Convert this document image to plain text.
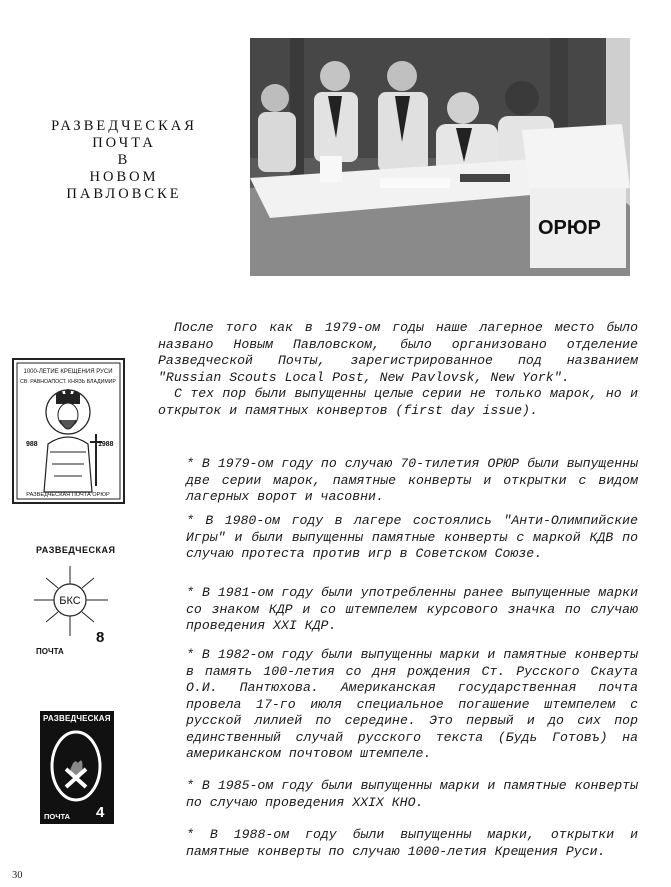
РАЗВЕДЧЕСКАЯ
ПОЧТА
В
НОВОМ
ПАВЛОВСКЕ
ОРЮР

После того как в 1979-ом годы наше лагерное место было названо Новым Павловском, было организовано отделение Разведческой Почты, зарегистрированное под названием "Russian Scouts Local Post, New Pavlovsk, New York".

С тех пор были выпущенны целые серии не только марок, но и открыток и памятных конвертов (first day issue).

* В 1979-ом году по случаю 70-тилетия ОРЮР были выпущенны две серии марок, памятные конверты и открытки с видом лагерных ворот и часовни.

* В 1980-ом году в лагере состоялись "Анти-Олимпийские Игры" и были выпущенны памятные конверты с маркой КДВ по случаю протеста против игр в Советском Союзе.

* В 1981-ом году были употребленны ранее выпущенные марки со знаком КДР и со штемпелем курсового значка по случаю проведения XXI КДР.

* В 1982-ом году были выпущенны марки и памятные конверты в память 100-летия со дня рождения Ст. Русского Скаута О.И. Пантюхова. Американская государственная почта провела 17-го июля специальное погашение штемпелем с русской лилией по середине. Это первый и до сих пор единственный случай русского текста (Будь Готовъ) на американском почтовом штемпеле.

* В 1985-ом году были выпущенны марки и памятные конверты по случаю проведения XXIX КНО.

* В 1988-ом году были выпущенны марки, открытки и памятные конверты по случаю 1000-летия Крещения Руси.

1000-ЛЕТИЕ КРЕЩЕНИЯ РУСИ
СВ. РАВНОАПОСТ. КНЯЗЬ ВЛАДИМИР
988	1988
РАЗВЕДЧЕСКАЯ ПОЧТА ОРЮР
РАЗВЕДЧЕСКАЯ
БКС
8
ПОЧТА
РАЗВЕДЧЕСКАЯ
4
ПОЧТА
30
